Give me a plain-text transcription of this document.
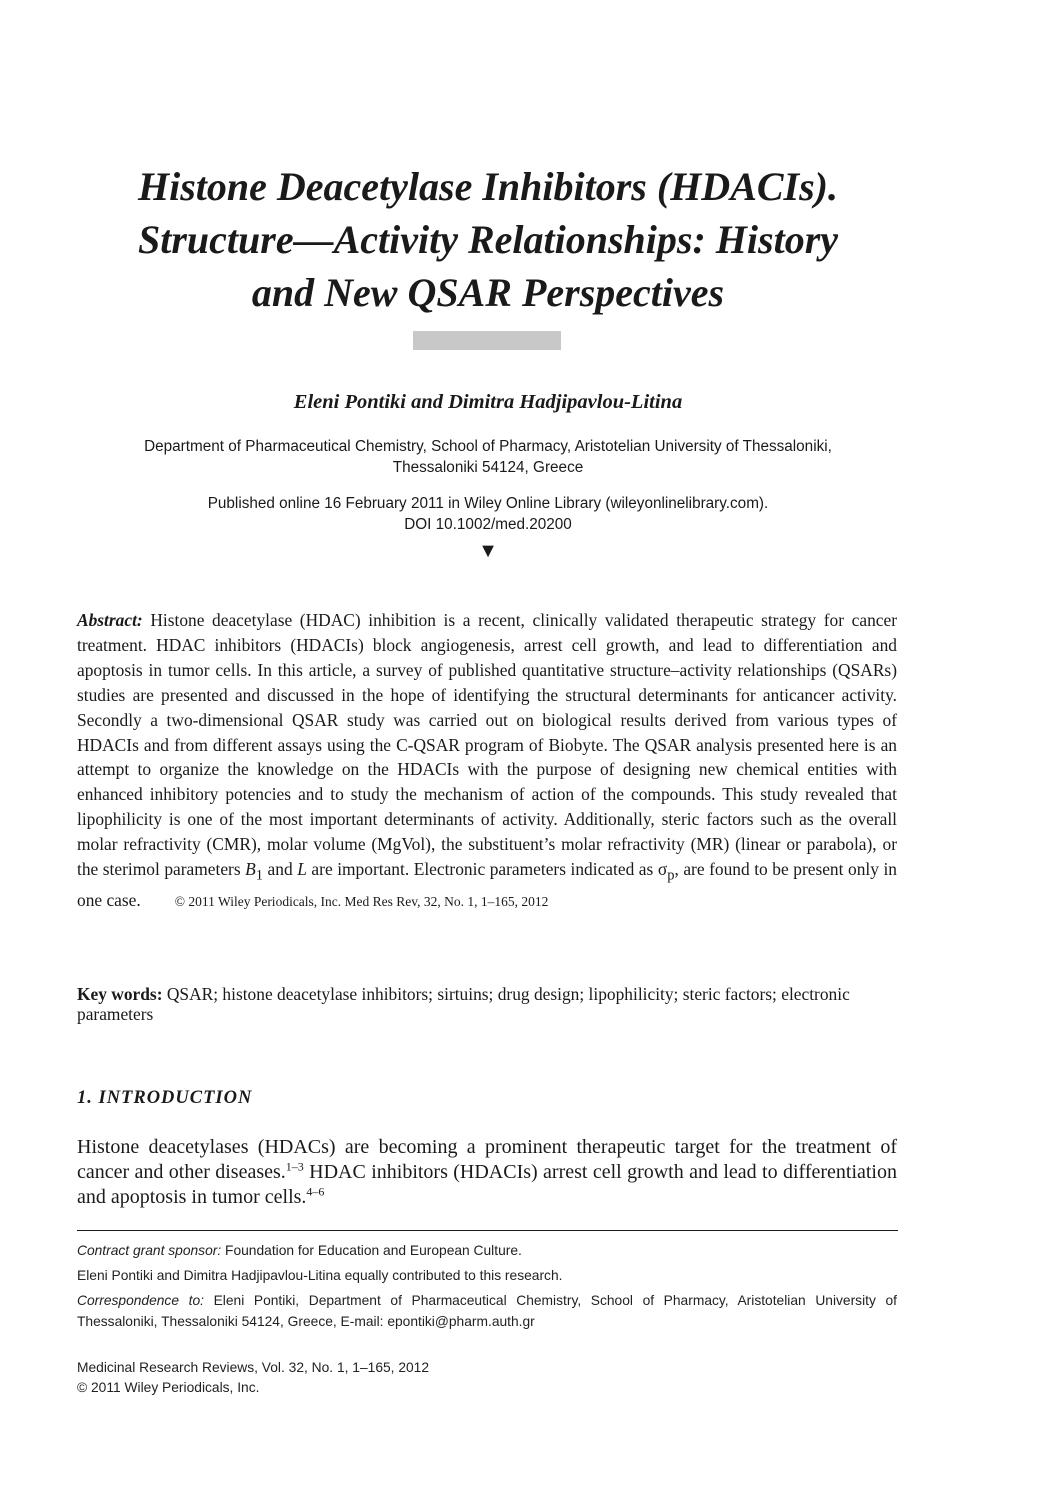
Histone Deacetylase Inhibitors (HDACIs).
Structure—Activity Relationships: History
and New QSAR Perspectives
Eleni Pontiki and Dimitra Hadjipavlou-Litina
Department of Pharmaceutical Chemistry, School of Pharmacy, Aristotelian University of Thessaloniki,
Thessaloniki 54124, Greece
Published online 16 February 2011 in Wiley Online Library (wileyonlinelibrary.com).
DOI 10.1002/med.20200
▼

Abstract: Histone deacetylase (HDAC) inhibition is a recent, clinically validated therapeutic strategy for cancer treatment. HDAC inhibitors (HDACIs) block angiogenesis, arrest cell growth, and lead to differentiation and apoptosis in tumor cells. In this article, a survey of published quantitative structure–activity relationships (QSARs) studies are presented and discussed in the hope of identifying the structural determinants for anticancer activity. Secondly a two-dimensional QSAR study was carried out on biological results derived from various types of HDACIs and from different assays using the C-QSAR program of Biobyte. The QSAR analysis presented here is an attempt to organize the knowledge on the HDACIs with the purpose of designing new chemical entities with enhanced inhibitory potencies and to study the mechanism of action of the compounds. This study revealed that lipophilicity is one of the most important determinants of activity. Additionally, steric factors such as the overall molar refractivity (CMR), molar volume (MgVol), the substituent’s molar refractivity (MR) (linear or parabola), or the sterimol parameters $B_1$ and L are important. Electronic parameters indicated as $\sigma_p$, are found to be present only in one case.	© 2011 Wiley Periodicals, Inc. Med Res Rev, 32, No. 1, 1–165, 2012

Key words: QSAR; histone deacetylase inhibitors; sirtuins; drug design; lipophilicity; steric factors; electronic parameters

1. INTRODUCTION

Histone deacetylases (HDACs) are becoming a prominent therapeutic target for the treatment of cancer and other diseases.$^{1-3}$ HDAC inhibitors (HDACIs) arrest cell growth and lead to differentiation and apoptosis in tumor cells.$^{4-6}$

Contract grant sponsor: Foundation for Education and European Culture.

Eleni Pontiki and Dimitra Hadjipavlou-Litina equally contributed to this research.

Correspondence to: Eleni Pontiki, Department of Pharmaceutical Chemistry, School of Pharmacy, Aristotelian University of Thessaloniki, Thessaloniki 54124, Greece, E-mail: epontiki@pharm.auth.gr

Medicinal Research Reviews, Vol. 32, No. 1, 1–165, 2012
© 2011 Wiley Periodicals, Inc.
